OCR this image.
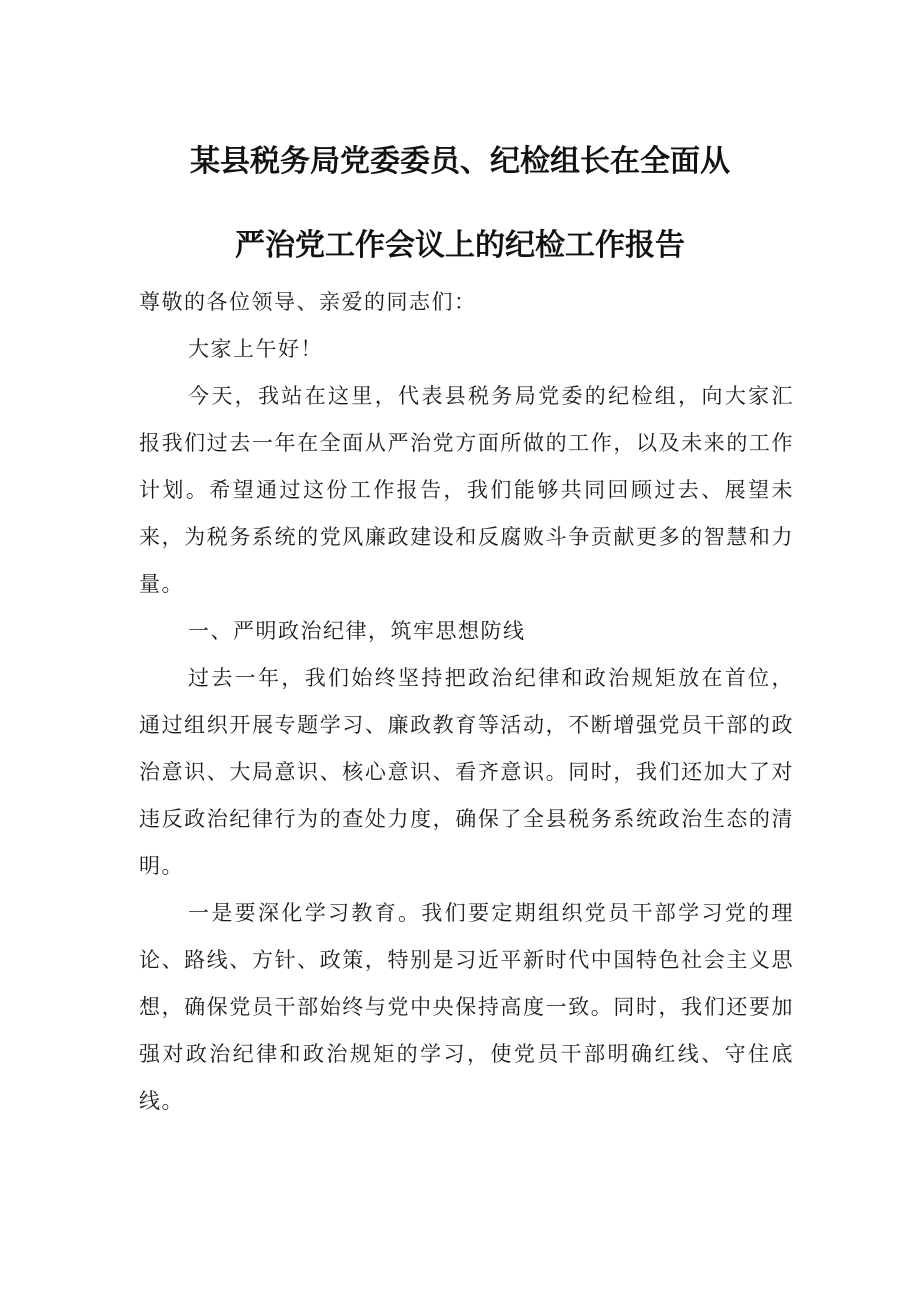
某县税务局党委委员、纪检组长在全面从
严治党工作会议上的纪检工作报告

尊敬的各位领导、亲爱的同志们：

大家上午好！

今天，我站在这里，代表县税务局党委的纪检组，向大家汇报我们过去一年在全面从严治党方面所做的工作，以及未来的工作计划。希望通过这份工作报告，我们能够共同回顾过去、展望未来，为税务系统的党风廉政建设和反腐败斗争贡献更多的智慧和力量。

一、严明政治纪律，筑牢思想防线

过去一年，我们始终坚持把政治纪律和政治规矩放在首位，通过组织开展专题学习、廉政教育等活动，不断增强党员干部的政治意识、大局意识、核心意识、看齐意识。同时，我们还加大了对违反政治纪律行为的查处力度，确保了全县税务系统政治生态的清明。

一是要深化学习教育。我们要定期组织党员干部学习党的理论、路线、方针、政策，特别是习近平新时代中国特色社会主义思想，确保党员干部始终与党中央保持高度一致。同时，我们还要加强对政治纪律和政治规矩的学习，使党员干部明确红线、守住底线。
